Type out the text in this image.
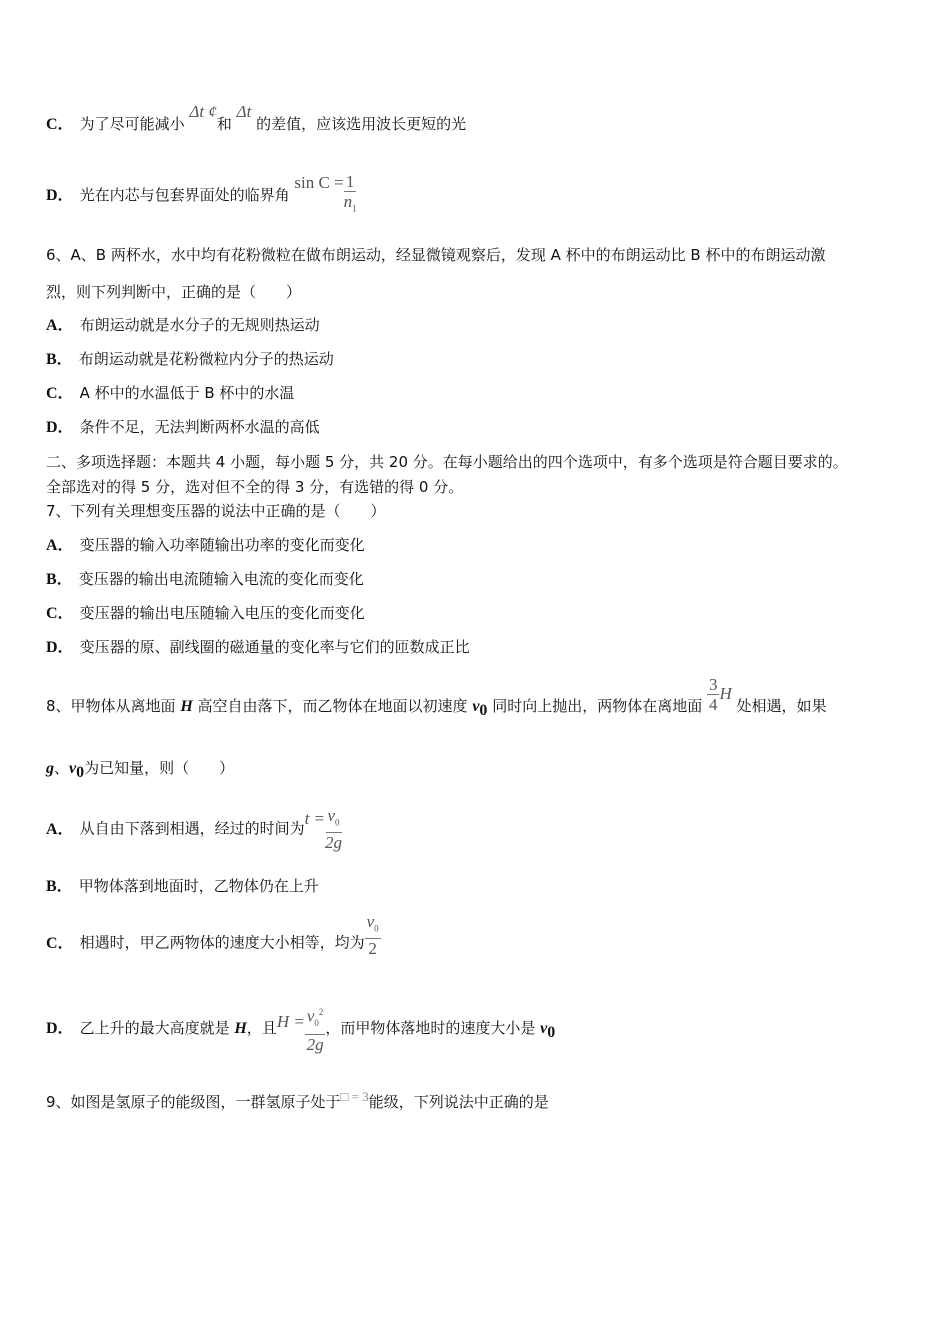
C． 为了尽可能减小 Δt ¢和 Δt 的差值，应该选用波长更短的光
D． 光在内芯与包套界面处的临界角 $\sin C = \frac{1}{n_1}$
6、A、B 两杯水，水中均有花粉微粒在做布朗运动，经显微镜观察后，发现 A 杯中的布朗运动比 B 杯中的布朗运动激
烈，则下列判断中，正确的是（　　）
A． 布朗运动就是水分子的无规则热运动
B． 布朗运动就是花粉微粒内分子的热运动
C． A 杯中的水温低于 B 杯中的水温
D． 条件不足，无法判断两杯水温的高低
二、多项选择题：本题共 4 小题，每小题 5 分，共 20 分。在每小题给出的四个选项中，有多个选项是符合题目要求的。
全部选对的得 5 分，选对但不全的得 3 分，有选错的得 0 分。
7、下列有关理想变压器的说法中正确的是（　　）
A． 变压器的输入功率随输出功率的变化而变化
B． 变压器的输出电流随输入电流的变化而变化
C． 变压器的输出电压随输入电压的变化而变化
D． 变压器的原、副线圈的磁通量的变化率与它们的匝数成正比
8、甲物体从离地面 H 高空自由落下，而乙物体在地面以初速度 $v_0$ 同时向上抛出，两物体在离地面 $\frac{3}{4}$ H 处相遇，如果
g、$v_0$为已知量，则（　　）
A． 从自由下落到相遇，经过的时间为$t = \frac{v_0}{2g}$
B． 甲物体落到地面时，乙物体仍在上升
C． 相遇时，甲乙两物体的速度大小相等，均为 $\frac{v_0}{2}$
D． 乙上升的最大高度就是 H，且$H = \frac{v_0^2}{2g}$ ，而甲物体落地时的速度大小是 $v_0$
9、如图是氢原子的能级图，一群氢原子处于□ = 3能级，下列说法中正确的是
